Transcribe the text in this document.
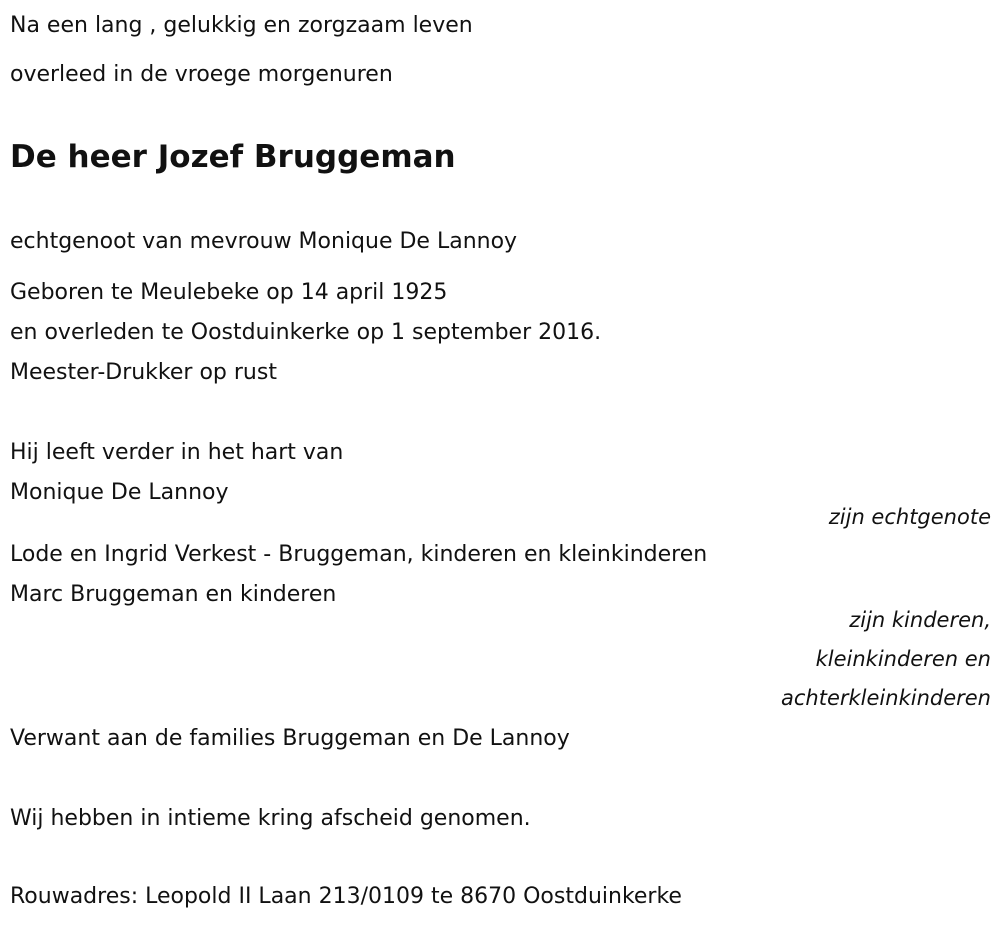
Na een lang , gelukkig en zorgzaam leven
overleed in de vroege morgenuren
De heer Jozef Bruggeman
echtgenoot van mevrouw Monique De Lannoy
Geboren te Meulebeke op 14 april 1925
en overleden te Oostduinkerke op 1 september 2016.
Meester-Drukker op rust
Hij leeft verder in het hart van
Monique De Lannoy
zijn echtgenote
Lode en Ingrid Verkest - Bruggeman, kinderen en kleinkinderen
Marc Bruggeman en kinderen
zijn kinderen,
kleinkinderen en
achterkleinkinderen
Verwant aan de families Bruggeman en De Lannoy
Wij hebben in intieme kring afscheid genomen.
Rouwadres: Leopold II Laan 213/0109 te 8670 Oostduinkerke
